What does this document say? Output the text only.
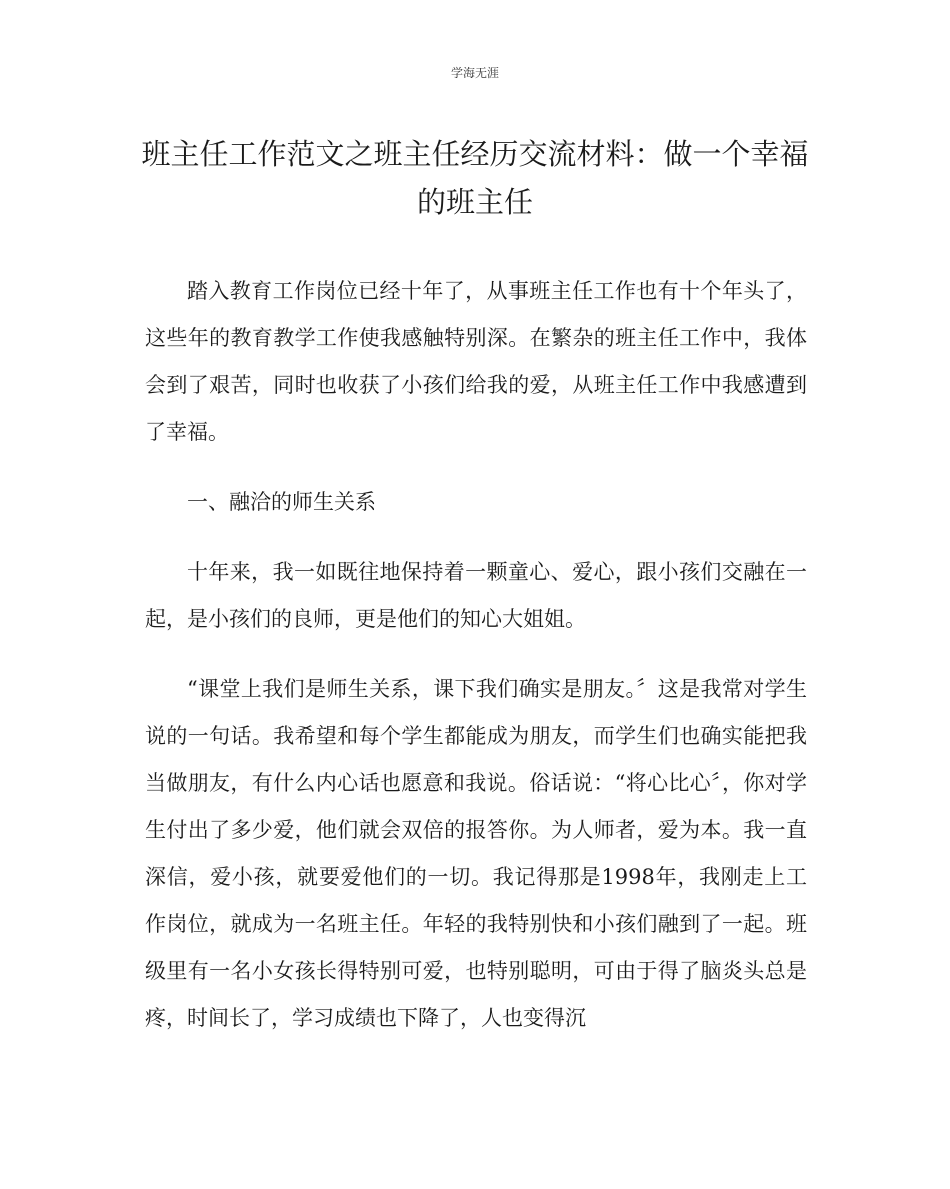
学海无涯
班主任工作范文之班主任经历交流材料：做一个幸福的班主任

踏入教育工作岗位已经十年了，从事班主任工作也有十个年头了，这些年的教育教学工作使我感触特别深。在繁杂的班主任工作中，我体会到了艰苦，同时也收获了小孩们给我的爱，从班主任工作中我感遭到了幸福。

一、融洽的师生关系

十年来，我一如既往地保持着一颗童心、爱心，跟小孩们交融在一起，是小孩们的良师，更是他们的知心大姐姐。

“课堂上我们是师生关系，课下我们确实是朋友。〞这是我常对学生说的一句话。我希望和每个学生都能成为朋友，而学生们也确实能把我当做朋友，有什么内心话也愿意和我说。俗话说：“将心比心〞，你对学生付出了多少爱，他们就会双倍的报答你。为人师者，爱为本。我一直深信，爱小孩，就要爱他们的一切。我记得那是1998年，我刚走上工作岗位，就成为一名班主任。年轻的我特别快和小孩们融到了一起。班级里有一名小女孩长得特别可爱，也特别聪明，可由于得了脑炎头总是疼，时间长了，学习成绩也下降了，人也变得沉
